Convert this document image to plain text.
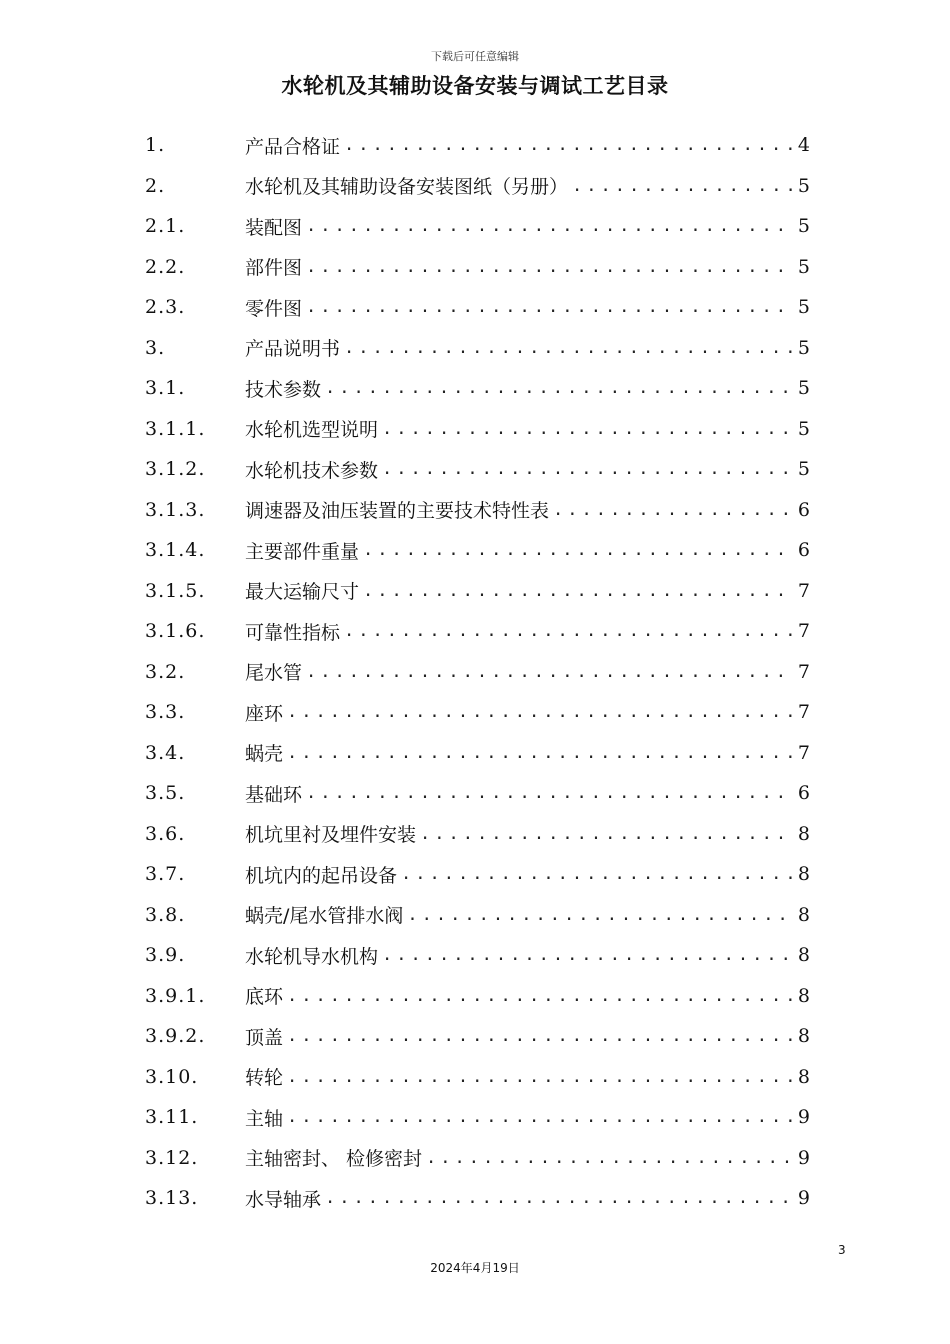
下载后可任意编辑
水轮机及其辅助设备安装与调试工艺目录
1.	产品合格证 .....	4
2.	水轮机及其辅助设备安装图纸（另册） .....	5
2.1.	装配图 .....	5
2.2.	部件图 .....	5
2.3.	零件图 .....	5
3.	产品说明书 .....	5
3.1.	技术参数 .....	5
3.1.1.	水轮机选型说明 .....	5
3.1.2.	水轮机技术参数 .....	5
3.1.3.	调速器及油压装置的主要技术特性表 .....	6
3.1.4.	主要部件重量 .....	6
3.1.5.	最大运输尺寸 .....	7
3.1.6.	可靠性指标 .....	7
3.2.	尾水管 .....	7
3.3.	座环 .....	7
3.4.	蜗壳 .....	7
3.5.	基础环 .....	6
3.6.	机坑里衬及埋件安装 .....	8
3.7.	机坑内的起吊设备 .....	8
3.8.	蜗壳/尾水管排水阀 .....	8
3.9.	水轮机导水机构 .....	8
3.9.1.	底环 .....	8
3.9.2.	顶盖 .....	8
3.10.	转轮 .....	8
3.11.	主轴 .....	9
3.12.	主轴密封、 检修密封 .....	9
3.13.	水导轴承 .....	9
3
2024年4月19日
